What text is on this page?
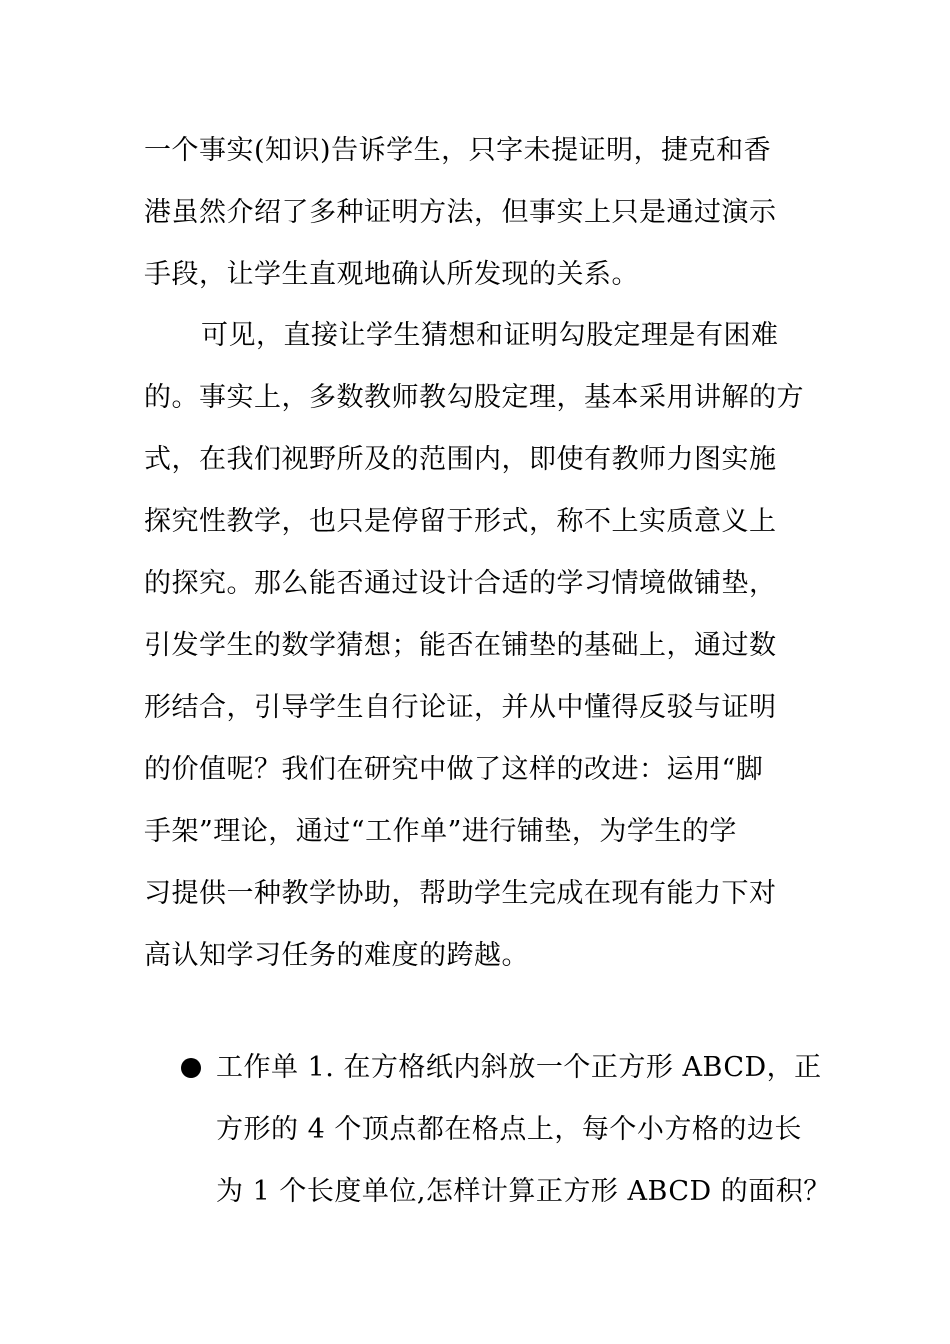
一个事实(知识)告诉学生，只字未提证明，捷克和香
港虽然介绍了多种证明方法，但事实上只是通过演示
手段，让学生直观地确认所发现的关系。
可见，直接让学生猜想和证明勾股定理是有困难
的。事实上，多数教师教勾股定理，基本采用讲解的方
式，在我们视野所及的范围内，即使有教师力图实施
探究性教学，也只是停留于形式，称不上实质意义上
的探究。那么能否通过设计合适的学习情境做铺垫，
引发学生的数学猜想；能否在铺垫的基础上，通过数
形结合，引导学生自行论证，并从中懂得反驳与证明
的价值呢？我们在研究中做了这样的改进：运用“脚
手架”理论，通过“工作单”进行铺垫，为学生的学
习提供一种教学协助，帮助学生完成在现有能力下对
高认知学习任务的难度的跨越。
工作单 1. 在方格纸内斜放一个正方形 ABCD，正
方形的 4 个顶点都在格点上，每个小方格的边长
为 1 个长度单位,怎样计算正方形 ABCD 的面积？
